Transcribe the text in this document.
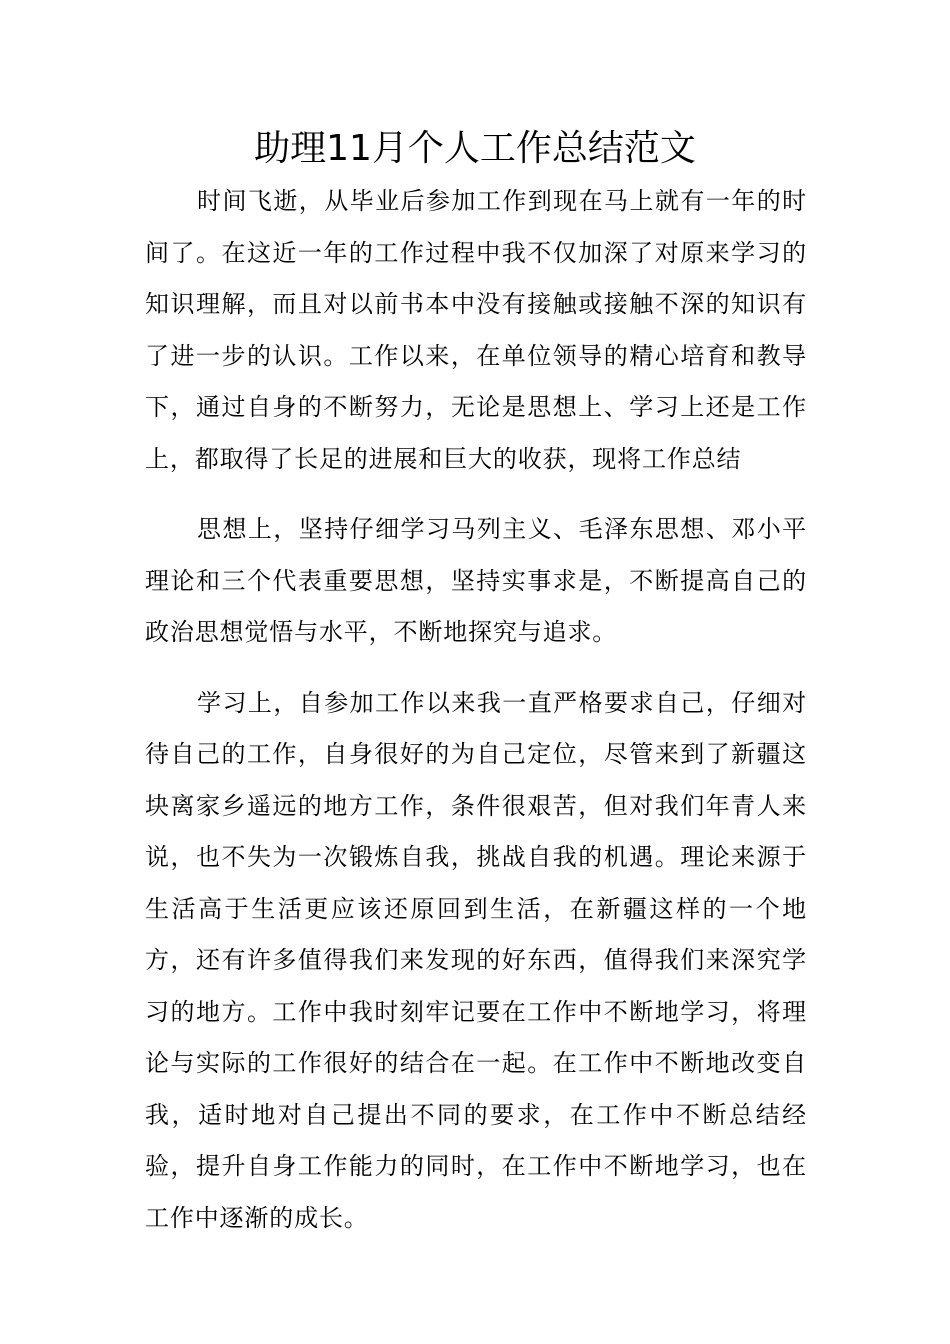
助理11月个人工作总结范文

时间飞逝，从毕业后参加工作到现在马上就有一年的时间了。在这近一年的工作过程中我不仅加深了对原来学习的知识理解，而且对以前书本中没有接触或接触不深的知识有了进一步的认识。工作以来，在单位领导的精心培育和教导下，通过自身的不断努力，无论是思想上、学习上还是工作上，都取得了长足的进展和巨大的收获，现将工作总结

思想上，坚持仔细学习马列主义、毛泽东思想、邓小平理论和三个代表重要思想，坚持实事求是，不断提高自己的政治思想觉悟与水平，不断地探究与追求。

学习上，自参加工作以来我一直严格要求自己，仔细对待自己的工作，自身很好的为自己定位，尽管来到了新疆这块离家乡遥远的地方工作，条件很艰苦，但对我们年青人来说，也不失为一次锻炼自我，挑战自我的机遇。理论来源于生活高于生活更应该还原回到生活，在新疆这样的一个地方，还有许多值得我们来发现的好东西，值得我们来深究学习的地方。工作中我时刻牢记要在工作中不断地学习，将理论与实际的工作很好的结合在一起。在工作中不断地改变自我，适时地对自己提出不同的要求，在工作中不断总结经验，提升自身工作能力的同时，在工作中不断地学习，也在工作中逐渐的成长。
